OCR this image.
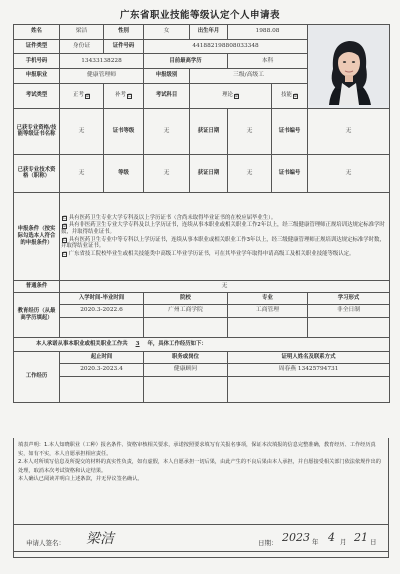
广东省职业技能等级认定个人申请表
姓名	梁洁	性别	女	出生年月	1988.08	
证件类型	身份证	证件号码	441882198808033348				
手机号码	13433138228		目前最高学历		本科		
申报职业	健康管理师		申报级别	三级/高级工			
考试类型	正考 ☑	补考 ☐	考试科目	理论 ☑		技能 ☑	
已获专业资格/技能等级证书名称	无	证书等级	无	获证日期	无	证书编号	无
已获专业技术资格（职称）	无	等级	无	获证日期	无	证书编号	无
申报条件（按实际勾选本人符合的申报条件）	☐ 具有医药卫生专业大学专科及以上学历证书（含尚未取得毕业证书的在校应届毕业生）。
☑ 具有非医药卫生专业大学专科及以上学历证书，连续从事本职业或相关职业工作2年以上，经三级健康管理师正规培训达规定标准学时数，并取得结业证书。
☐ 具有医药卫生专业中等专科以上学历证书，连续从事本职业或相关职业工作3年以上，经三级健康管理师正规培训达规定标准学时数，并取得结业证书。
☐ 广东省技工院校毕业生或相关技能类中高级工毕业学历证书，可在其毕业学年取得申请高级工及相关职业技能等级认定。						

普通条件	无						
教育经历（从最高学历填起）	入学时间-毕业时间		院校		专业		学习形式
	2020.3-2022.6		广州工商学院		工商管理		非全日制

本人承诺从事本职业或相关职业工作共 3 年，具体工作经历如下：							
工作经历	起止时间		职务或岗位		证明人姓名及联系方式		
	2020.3-2023.4		健康顾问		周春燕 13425794731		

填表声明：1.本人知晓职业（工种）报名条件、资格审核相关要求，承诺按照要求填写有关报名事项，保证本次填报的信息完整准确，教育经历、工作经历真实，如有不实，本人自愿承担相应责任。
2.本人对所填写信息及所提交的材料的真实性负责，如有虚假，本人自愿承担一切后果，由此产生的不良后果由本人承担，并自愿接受相关部门依法依规作出的处理，取消本次考试资格和认定结果。
本人确认已阅读并明白上述条款，并无异议签名确认。
申请人签名： 梁洁	日期： 2023 年 4 月 21 日
